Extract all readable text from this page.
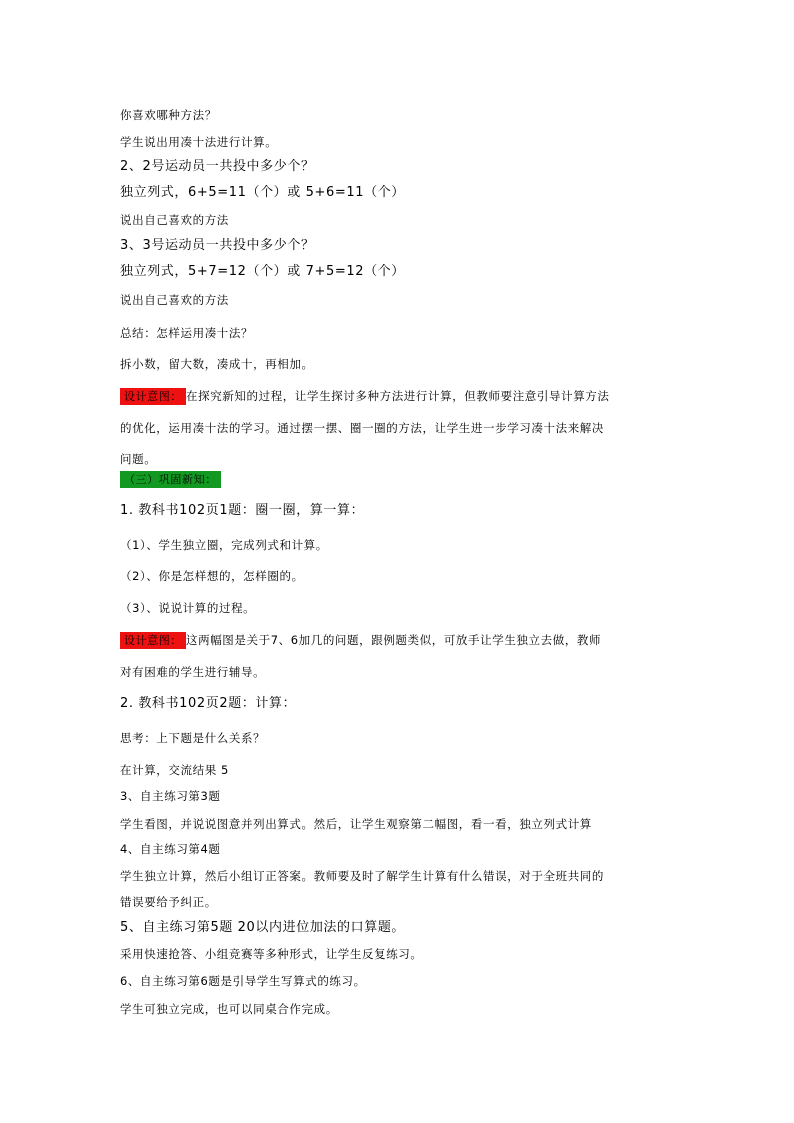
你喜欢哪种方法？
学生说出用凑十法进行计算。
2、2号运动员一共投中多少个？
独立列式，6+5=11（个）或 5+6=11（个）
说出自己喜欢的方法
3、3号运动员一共投中多少个？
独立列式，5+7=12（个）或 7+5=12（个）
说出自己喜欢的方法
总结：怎样运用凑十法？
拆小数，留大数，凑成十，再相加。
设计意图： 在探究新知的过程，让学生探讨多种方法进行计算，但教师要注意引导计算方法
的优化，运用凑十法的学习。通过摆一摆、圈一圈的方法，让学生进一步学习凑十法来解决
问题。
（三）巩固新知：
1. 教科书102页1题：圈一圈，算一算：
（1）、学生独立圈，完成列式和计算。
（2）、你是怎样想的，怎样圈的。
（3）、说说计算的过程。
设计意图： 这两幅图是关于7、6加几的问题，跟例题类似，可放手让学生独立去做，教师
对有困难的学生进行辅导。
2. 教科书102页2题：计算：
思考：上下题是什么关系？
在计算，交流结果 5
3、自主练习第3题
学生看图，并说说图意并列出算式。然后，让学生观察第二幅图，看一看，独立列式计算
4、自主练习第4题
学生独立计算，然后小组订正答案。教师要及时了解学生计算有什么错误，对于全班共同的
错误要给予纠正。
5、自主练习第5题 20以内进位加法的口算题。
采用快速抢答、小组竞赛等多种形式，让学生反复练习。
6、自主练习第6题是引导学生写算式的练习。
学生可独立完成，也可以同桌合作完成。
